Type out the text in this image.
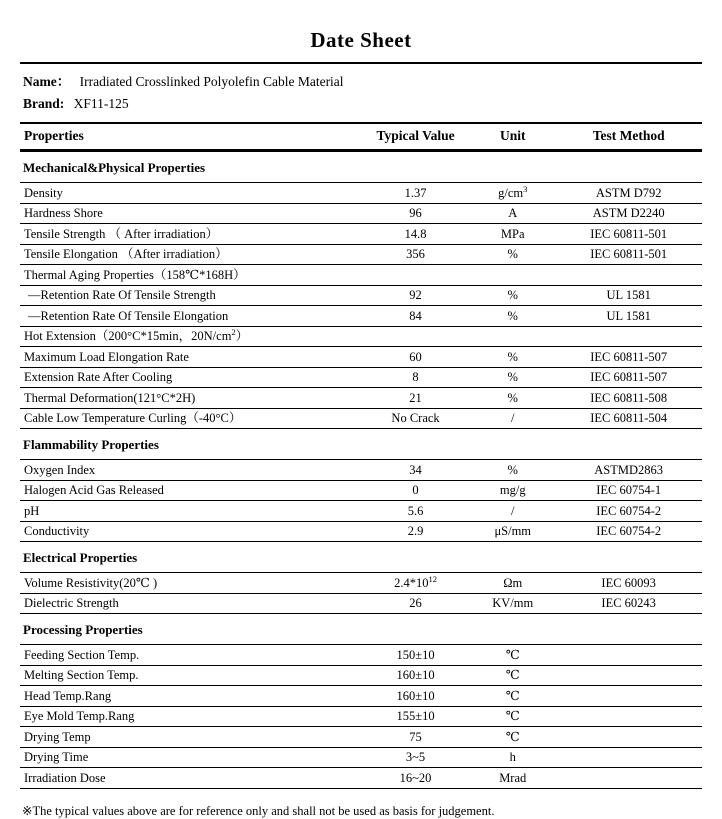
Date Sheet
Name： Irradiated Crosslinked Polyolefin Cable Material
Brand: XF11-125
Properties	Typical Value	Unit	Test Method
Mechanical&Physical Properties
Density	1.37	$g/cm^3$	ASTM D792
Hardness Shore	96	A	ASTM D2240
Tensile Strength （ After irradiation）	14.8	MPa	IEC 60811-501
Tensile Elongation （After irradiation）	356	%	IEC 60811-501
Thermal Aging Properties（158℃*168H）
—Retention Rate Of Tensile Strength	92	%	UL 1581
—Retention Rate Of Tensile Elongation	84	%	UL 1581
Hot Extension（200°C*15min，$20N/cm^2$）
Maximum Load Elongation Rate	60	%	IEC 60811-507
Extension Rate After Cooling	8	%	IEC 60811-507
Thermal Deformation(121°C*2H)	21	%	IEC 60811-508
Cable Low Temperature Curling（-40°C）	No Crack	/	IEC 60811-504
Flammability Properties
Oxygen Index	34	%	ASTMD2863
Halogen Acid Gas Released	0	mg/g	IEC 60754-1
pH	5.6	/	IEC 60754-2
Conductivity	2.9	μS/mm	IEC 60754-2
Electrical Properties
Volume Resistivity(20℃ )	$2.4*10^{12}$	Ωm	IEC 60093
Dielectric Strength	26	KV/mm	IEC 60243
Processing Properties
Feeding Section Temp.	150±10	℃
Melting Section Temp.	160±10	℃
Head Temp.Rang	160±10	℃
Eye Mold Temp.Rang	155±10	℃
Drying Temp	75	℃
Drying Time	3~5	h
Irradiation Dose	16~20	Mrad
※The typical values above are for reference only and shall not be used as basis for judgement.
